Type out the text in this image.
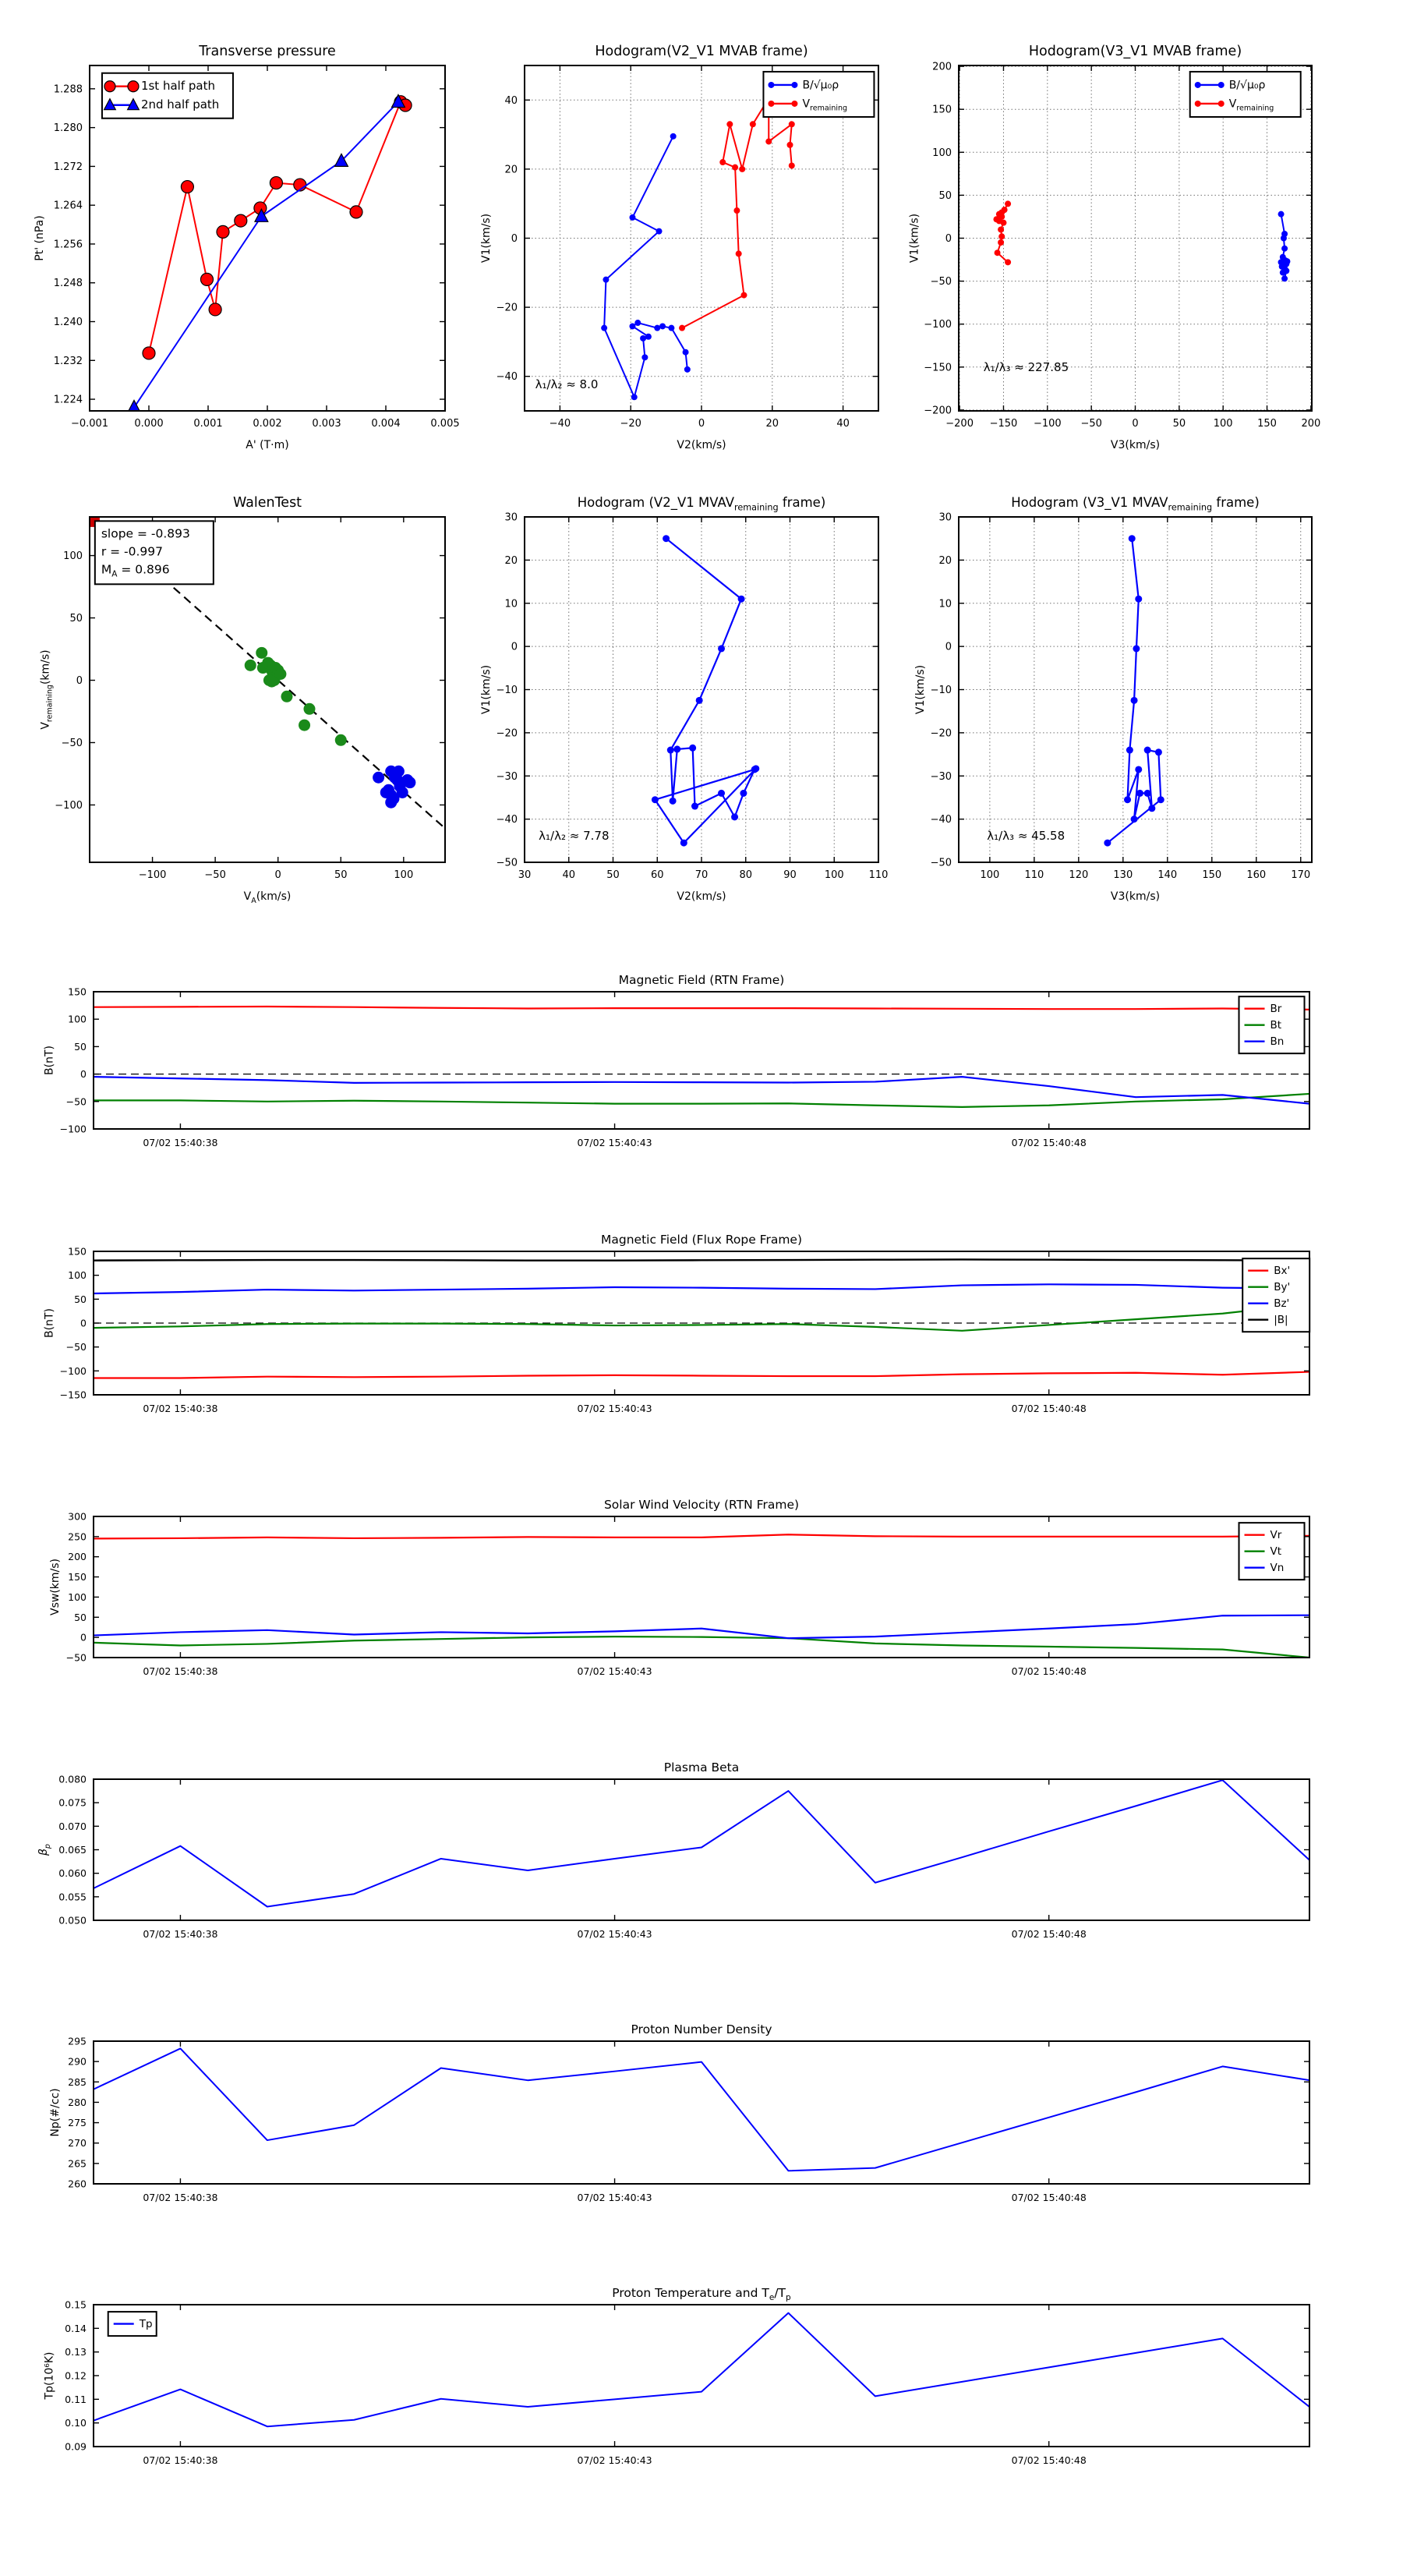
−0.001	0.000	0.001	0.002	0.003	0.004	0.005
1.224
1.232
1.240
1.248
1.256
1.264
1.272
1.280
1.288
Transverse pressure
A' (T·m)
Pt' (nPa)
1st half path
2nd half path
−40	−20	0	20	40
−40
−20
0
20
40
Hodogram(V2_V1 MVAB frame)
V2(km/s)
V1(km/s)
λ₁/λ₂ ≈ 8.0
B/√μ₀ρ
$V_{remaining}$
−200 −150 −100 −50	0	50	100 150 200
−200
−150
−100
−50
0
50
100
150
200
Hodogram(V3_V1 MVAB frame)
V3(km/s)
V1(km/s)
λ₁/λ₃ ≈ 227.85
B/√μ₀ρ
$V_{remaining}$
−100	−50	0	50	100
−100
−50
0
50
100
WalenTest
$V_A(km/s)$
$V_{remaining}(km/s)$
slope = -0.893
r = -0.997
$M_A = 0.896$
30	40	50	60	70	80	90	100 110
−50
−40
−30
−20
−10
0
10
20
30
Hodogram (V2_V1 $MVAV_{remaining}$ frame)
V2(km/s)
V1(km/s)
λ₁/λ₂ ≈ 7.78
100 110 120 130 140 150 160 170
−50
−40
−30
−20
−10
0
10
20
30
Hodogram (V3_V1 $MVAV_{remaining}$ frame)
V3(km/s)
V1(km/s)
λ₁/λ₃ ≈ 45.58
07/02 15:40:38	07/02 15:40:43	07/02 15:40:48
−100
−50
0
50
100
150
Magnetic Field (RTN Frame)
B(nT)
Br
Bt
Bn
07/02 15:40:38	07/02 15:40:43	07/02 15:40:48
−150
−100
−50
0
50
100
150
Magnetic Field (Flux Rope Frame)
B(nT)
Bx'
By'
Bz'
|B|
07/02 15:40:38	07/02 15:40:43	07/02 15:40:48
−50
0
50
100
150
200
250
300
Solar Wind Velocity (RTN Frame)
Vsw(km/s)
Vr
Vt
Vn
07/02 15:40:38	07/02 15:40:43	07/02 15:40:48
0.050
0.055
0.060
0.065
0.070
0.075
0.080
Plasma Beta
$\beta_p$
07/02 15:40:38	07/02 15:40:43	07/02 15:40:48
260
265
270
275
280
285
290
295
Proton Number Density
Np(#/cc)
07/02 15:40:38	07/02 15:40:43	07/02 15:40:48
0.09
0.10
0.11
0.12
0.13
0.14
0.15
Proton Temperature and $T_e/T_p$
Tp(10⁶K)
Tp
